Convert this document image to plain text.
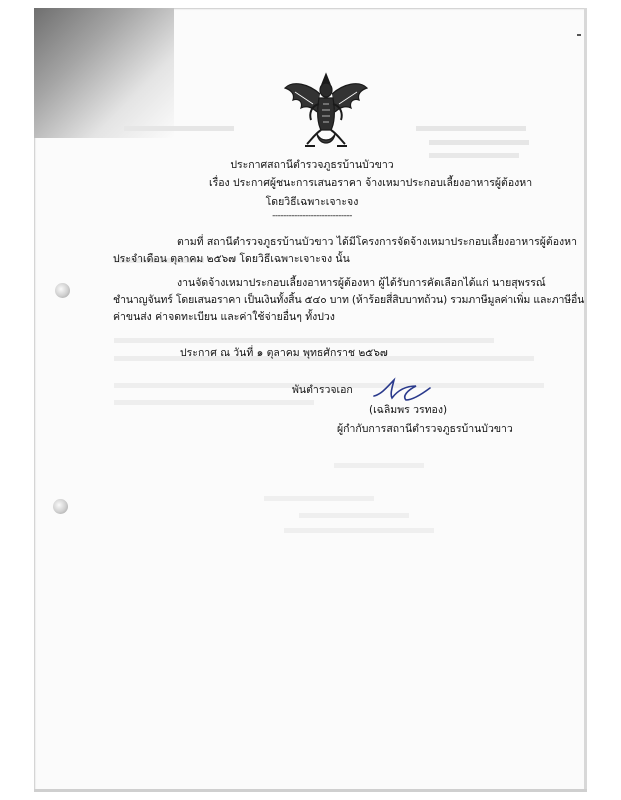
ประกาศสถานีตำรวจภูธรบ้านบัวขาว
เรื่อง ประกาศผู้ชนะการเสนอราคา จ้างเหมาประกอบเลี้ยงอาหารผู้ต้องหา
โดยวิธีเฉพาะเจาะจง
-----------------------------
ตามที่ สถานีตำรวจภูธรบ้านบัวขาว ได้มีโครงการจัดจ้างเหมาประกอบเลี้ยงอาหารผู้ต้องหา
ประจำเดือน ตุลาคม ๒๕๖๗ โดยวิธีเฉพาะเจาะจง นั้น
งานจัดจ้างเหมาประกอบเลี้ยงอาหารผู้ต้องหา ผู้ได้รับการคัดเลือกได้แก่ นายสุพรรณ์
ชำนาญจันทร์ โดยเสนอราคา เป็นเงินทั้งสิ้น ๕๔๐ บาท (ห้าร้อยสี่สิบบาทถ้วน) รวมภาษีมูลค่าเพิ่ม และภาษีอื่น
ค่าขนส่ง ค่าจดทะเบียน และค่าใช้จ่ายอื่นๆ ทั้งปวง
ประกาศ ณ วันที่ ๑ ตุลาคม พุทธศักราช ๒๕๖๗
พันตำรวจเอก
(เฉลิมพร วรทอง)
ผู้กำกับการสถานีตำรวจภูธรบ้านบัวขาว
